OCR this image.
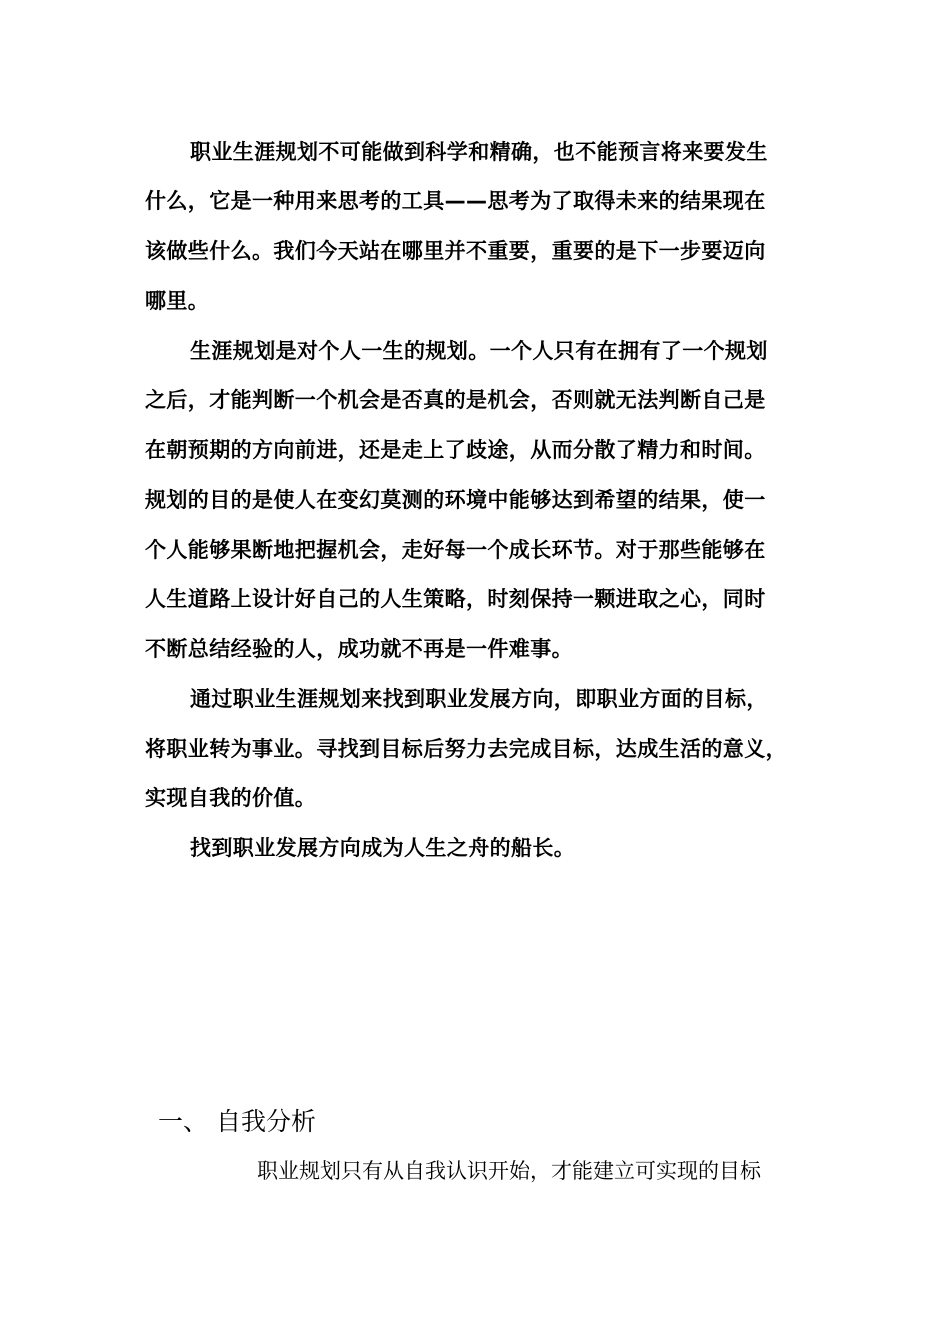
职业生涯规划不可能做到科学和精确，也不能预言将来要发生
什么，它是一种用来思考的工具——思考为了取得未来的结果现在
该做些什么。我们今天站在哪里并不重要，重要的是下一步要迈向
哪里。
生涯规划是对个人一生的规划。一个人只有在拥有了一个规划
之后，才能判断一个机会是否真的是机会，否则就无法判断自己是
在朝预期的方向前进，还是走上了歧途，从而分散了精力和时间。
规划的目的是使人在变幻莫测的环境中能够达到希望的结果，使一
个人能够果断地把握机会，走好每一个成长环节。对于那些能够在
人生道路上设计好自己的人生策略，时刻保持一颗进取之心，同时
不断总结经验的人，成功就不再是一件难事。
通过职业生涯规划来找到职业发展方向，即职业方面的目标，
将职业转为事业。寻找到目标后努力去完成目标，达成生活的意义，
实现自我的价值。
找到职业发展方向成为人生之舟的船长。
一、 自我分析
职业规划只有从自我认识开始，才能建立可实现的目标
